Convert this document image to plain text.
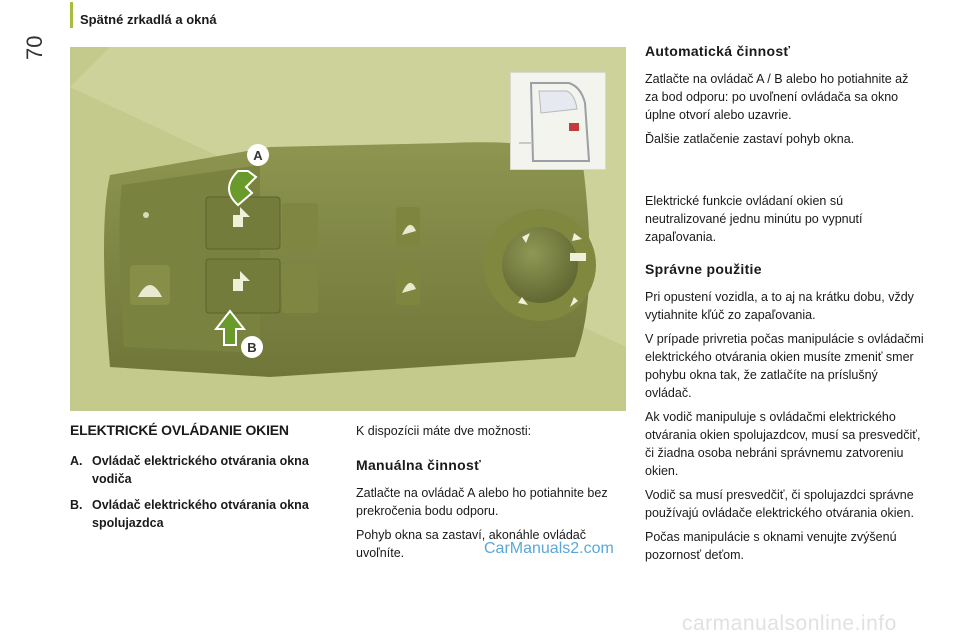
Spätné zrkadlá a okná
70
A
B
ELEKTRICKÉ OVLÁDANIE OKIEN
A. Ovládač elektrického otvárania okna vodiča
B. Ovládač elektrického otvárania okna spolujazdca

K dispozícii máte dve možnosti:

Manuálna činnosť

Zatlačte na ovládač A alebo ho potiahnite bez prekročenia bodu odporu.

Pohyb okna sa zastaví, akonáhle ovládač uvoľníte.

Automatická činnosť

Zatlačte na ovládač A / B alebo ho potiahnite až za bod odporu: po uvoľnení ovládača sa okno úplne otvorí alebo uzavrie.

Ďalšie zatlačenie zastaví pohyb okna.

Elektrické funkcie ovládaní okien sú neutralizované jednu minútu po vypnutí zapaľovania.

Správne použitie

Pri opustení vozidla, a to aj na krátku dobu, vždy vytiahnite kľúč zo zapaľovania.

V prípade privretia počas manipulácie s ovládačmi elektrického otvárania okien musíte zmeniť smer pohybu okna tak, že zatlačíte na príslušný ovládač.

Ak vodič manipuluje s ovládačmi elektrického otvárania okien spolujazdcov, musí sa presvedčiť, či žiadna osoba nebráni správnemu zatvoreniu okien.

Vodič sa musí presvedčiť, či spolujazdci správne používajú ovládače elektrického otvárania okien.

Počas manipulácie s oknami venujte zvýšenú pozornosť deťom.

CarManuals2.com
carmanualsonline.info
